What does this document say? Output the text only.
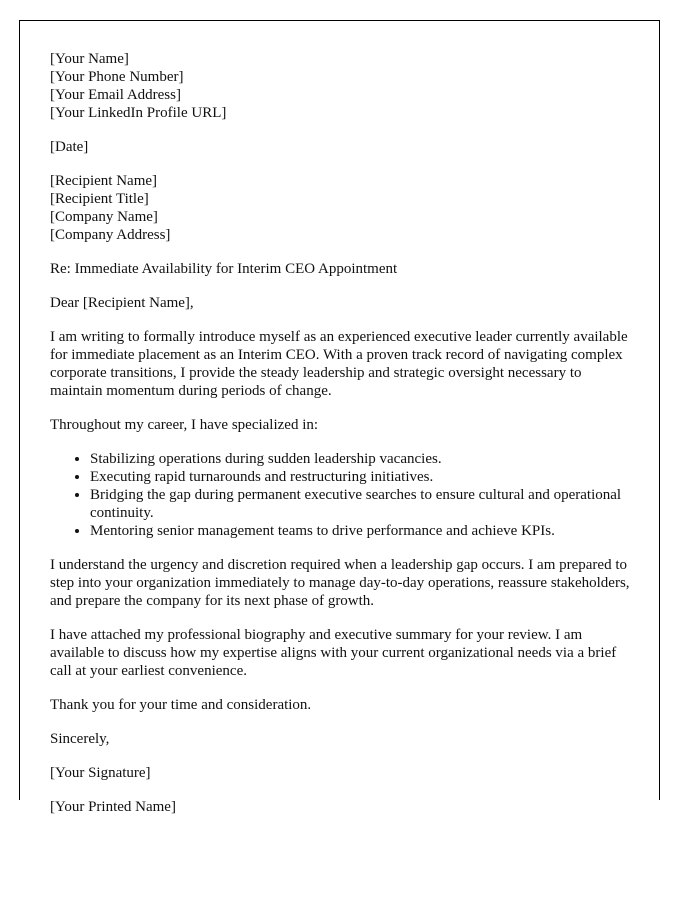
[Your Name]
[Your Phone Number]
[Your Email Address]
[Your LinkedIn Profile URL]

[Date]

[Recipient Name]
[Recipient Title]
[Company Name]
[Company Address]

Re: Immediate Availability for Interim CEO Appointment

Dear [Recipient Name],

I am writing to formally introduce myself as an experienced executive leader currently available for immediate placement as an Interim CEO. With a proven track record of navigating complex corporate transitions, I provide the steady leadership and strategic oversight necessary to maintain momentum during periods of change.

Throughout my career, I have specialized in:

• Stabilizing operations during sudden leadership vacancies.
• Executing rapid turnarounds and restructuring initiatives.
• Bridging the gap during permanent executive searches to ensure cultural and operational continuity.
• Mentoring senior management teams to drive performance and achieve KPIs.

I understand the urgency and discretion required when a leadership gap occurs. I am prepared to step into your organization immediately to manage day-to-day operations, reassure stakeholders, and prepare the company for its next phase of growth.

I have attached my professional biography and executive summary for your review. I am available to discuss how my expertise aligns with your current organizational needs via a brief call at your earliest convenience.

Thank you for your time and consideration.

Sincerely,

[Your Signature]

[Your Printed Name]
